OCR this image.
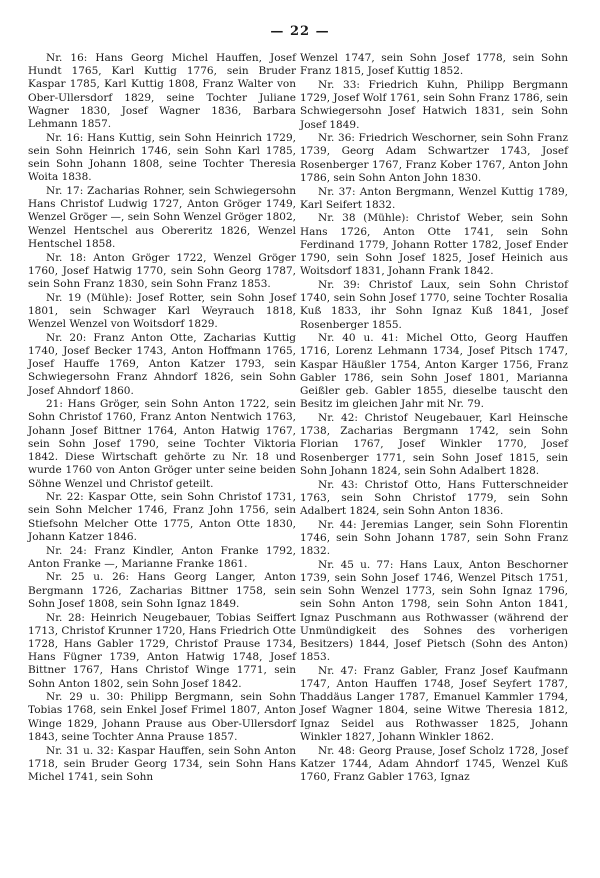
— 22 —

Nr. 16: Hans Georg Michel Hauffen, Josef Hundt 1765, Karl Kuttig 1776, sein Bruder Kaspar 1785, Karl Kuttig 1808, Franz Walter von Ober-Ullersdorf 1829, seine Tochter Juliane Wagner 1830, Josef Wagner 1836, Barbara Lehmann 1857.

Nr. 16: Hans Kuttig, sein Sohn Heinrich 1729, sein Sohn Heinrich 1746, sein Sohn Karl 1785, sein Sohn Johann 1808, seine Tochter Theresia Woita 1838.

Nr. 17: Zacharias Rohner, sein Schwiegersohn Hans Christof Ludwig 1727, Anton Gröger 1749, Wenzel Gröger —, sein Sohn Wenzel Gröger 1802, Wenzel Hentschel aus Obereritz 1826, Wenzel Hentschel 1858.

Nr. 18: Anton Gröger 1722, Wenzel Gröger 1760, Josef Hatwig 1770, sein Sohn Georg 1787, sein Sohn Franz 1830, sein Sohn Franz 1853.

Nr. 19 (Mühle): Josef Rotter, sein Sohn Josef 1801, sein Schwager Karl Weyrauch 1818, Wenzel Wenzel von Woitsdorf 1829.

Nr. 20: Franz Anton Otte, Zacharias Kuttig 1740, Josef Becker 1743, Anton Hoffmann 1765, Josef Hauffe 1769, Anton Katzer 1793, sein Schwiegersohn Franz Ahndorf 1826, sein Sohn Josef Ahndorf 1860.

21: Hans Gröger, sein Sohn Anton 1722, sein Sohn Christof 1760, Franz Anton Nentwich 1763, Johann Josef Bittner 1764, Anton Hatwig 1767, sein Sohn Josef 1790, seine Tochter Viktoria 1842. Diese Wirtschaft gehörte zu Nr. 18 und wurde 1760 von Anton Gröger unter seine beiden Söhne Wenzel und Christof geteilt.

Nr. 22: Kaspar Otte, sein Sohn Christof 1731, sein Sohn Melcher 1746, Franz John 1756, sein Stiefsohn Melcher Otte 1775, Anton Otte 1830, Johann Katzer 1846.

Nr. 24: Franz Kindler, Anton Franke 1792, Anton Franke —, Marianne Franke 1861.

Nr. 25 u. 26: Hans Georg Langer, Anton Bergmann 1726, Zacharias Bittner 1758, sein Sohn Josef 1808, sein Sohn Ignaz 1849.

Nr. 28: Heinrich Neugebauer, Tobias Seiffert 1713, Christof Krunner 1720, Hans Friedrich Otte 1728, Hans Gabler 1729, Christof Prause 1734, Hans Fügner 1739, Anton Hatwig 1748, Josef Bittner 1767, Hans Christof Winge 1771, sein Sohn Anton 1802, sein Sohn Josef 1842.

Nr. 29 u. 30: Philipp Bergmann, sein Sohn Tobias 1768, sein Enkel Josef Frimel 1807, Anton Winge 1829, Johann Prause aus Ober-Ullersdorf 1843, seine Tochter Anna Prause 1857.

Nr. 31 u. 32: Kaspar Hauffen, sein Sohn Anton 1718, sein Bruder Georg 1734, sein Sohn Hans Michel 1741, sein Sohn

Wenzel 1747, sein Sohn Josef 1778, sein Sohn Franz 1815, Josef Kuttig 1852.

Nr. 33: Friedrich Kuhn, Philipp Bergmann 1729, Josef Wolf 1761, sein Sohn Franz 1786, sein Schwiegersohn Josef Hatwich 1831, sein Sohn Josef 1849.

Nr. 36: Friedrich Weschorner, sein Sohn Franz 1739, Georg Adam Schwartzer 1743, Josef Rosenberger 1767, Franz Kober 1767, Anton John 1786, sein Sohn Anton John 1830.

Nr. 37: Anton Bergmann, Wenzel Kuttig 1789, Karl Seifert 1832.

Nr. 38 (Mühle): Christof Weber, sein Sohn Hans 1726, Anton Otte 1741, sein Sohn Ferdinand 1779, Johann Rotter 1782, Josef Ender 1790, sein Sohn Josef 1825, Josef Heinich aus Woitsdorf 1831, Johann Frank 1842.

Nr. 39: Christof Laux, sein Sohn Christof 1740, sein Sohn Josef 1770, seine Tochter Rosalia Kuß 1833, ihr Sohn Ignaz Kuß 1841, Josef Rosenberger 1855.

Nr. 40 u. 41: Michel Otto, Georg Hauffen 1716, Lorenz Lehmann 1734, Josef Pitsch 1747, Kaspar Häußler 1754, Anton Karger 1756, Franz Gabler 1786, sein Sohn Josef 1801, Marianna Geißler geb. Gabler 1855, dieselbe tauscht den Besitz im gleichen Jahr mit Nr. 79.

Nr. 42: Christof Neugebauer, Karl Heinsche 1738, Zacharias Bergmann 1742, sein Sohn Florian 1767, Josef Winkler 1770, Josef Rosenberger 1771, sein Sohn Josef 1815, sein Sohn Johann 1824, sein Sohn Adalbert 1828.

Nr. 43: Christof Otto, Hans Futterschneider 1763, sein Sohn Christof 1779, sein Sohn Adalbert 1824, sein Sohn Anton 1836.

Nr. 44: Jeremias Langer, sein Sohn Florentin 1746, sein Sohn Johann 1787, sein Sohn Franz 1832.

Nr. 45 u. 77: Hans Laux, Anton Beschorner 1739, sein Sohn Josef 1746, Wenzel Pitsch 1751, sein Sohn Wenzel 1773, sein Sohn Ignaz 1796, sein Sohn Anton 1798, sein Sohn Anton 1841, Ignaz Puschmann aus Rothwasser (während der Unmündigkeit des Sohnes des vorherigen Besitzers) 1844, Josef Pietsch (Sohn des Anton) 1853.

Nr. 47: Franz Gabler, Franz Josef Kaufmann 1747, Anton Hauffen 1748, Josef Seyfert 1787, Thaddäus Langer 1787, Emanuel Kammler 1794, Josef Wagner 1804, seine Witwe Theresia 1812, Ignaz Seidel aus Rothwasser 1825, Johann Winkler 1827, Johann Winkler 1862.

Nr. 48: Georg Prause, Josef Scholz 1728, Josef Katzer 1744, Adam Ahndorf 1745, Wenzel Kuß 1760, Franz Gabler 1763, Ignaz
